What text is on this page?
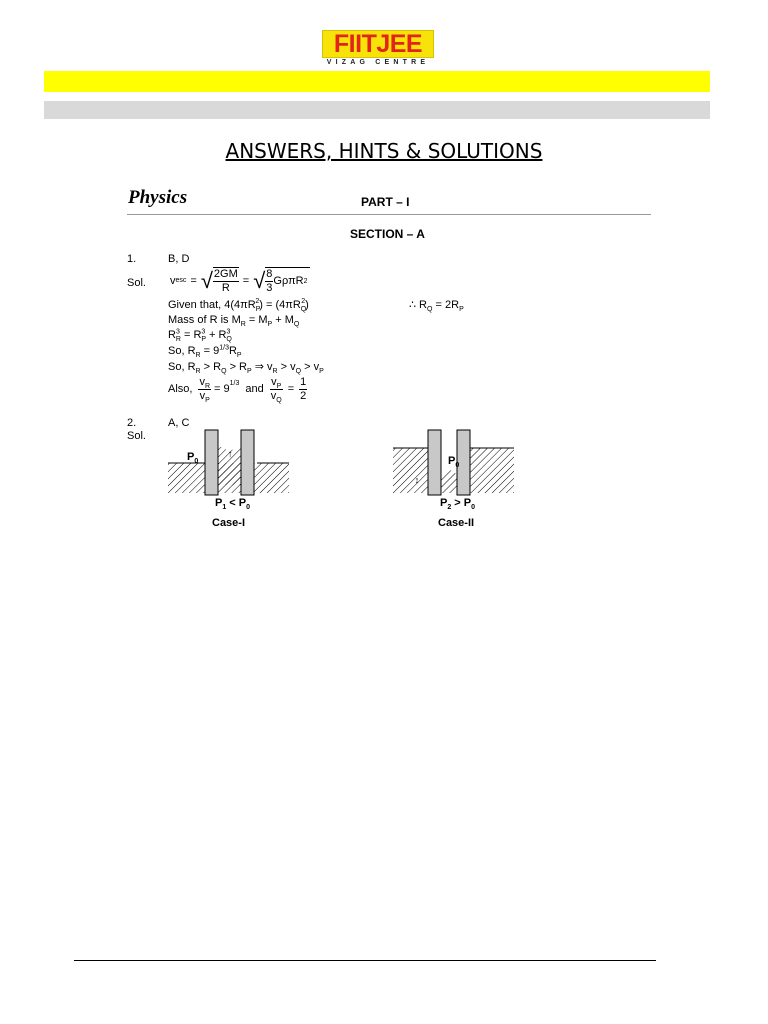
FIITJEE
VIZAG CENTRE
ANSWERS, HINTS & SOLUTIONS
Physics	PART – I
SECTION – A
1.	B, D
Sol. v esc = √ $\frac{2GM}{R}$ = √ $\frac{8}{3}$ GρπR 2
Given that, $4(4\pi R_P^2) = (4\pi R_Q^2)$	∴ $R_Q = 2R_P$
Mass of R is $M_R = M_P + M_Q$
$R^3_R = R^3_P + R^3_Q$
So, $R_R = 9^{1/3}R_P$
So, $R_R > R_Q > R_P$ ⇒ $v_R > v_Q > v_P$
Also, $\frac{v_R}{v_P} = 9^{1/3}$ and $\frac{v_P}{v_Q} = \frac{1}{2}$
2.	A, C
Sol.
↑
$P_0$
$P_1 < P_0$
Case-I
↕
$P_0$
$P_2 > P_0$
Case-II
